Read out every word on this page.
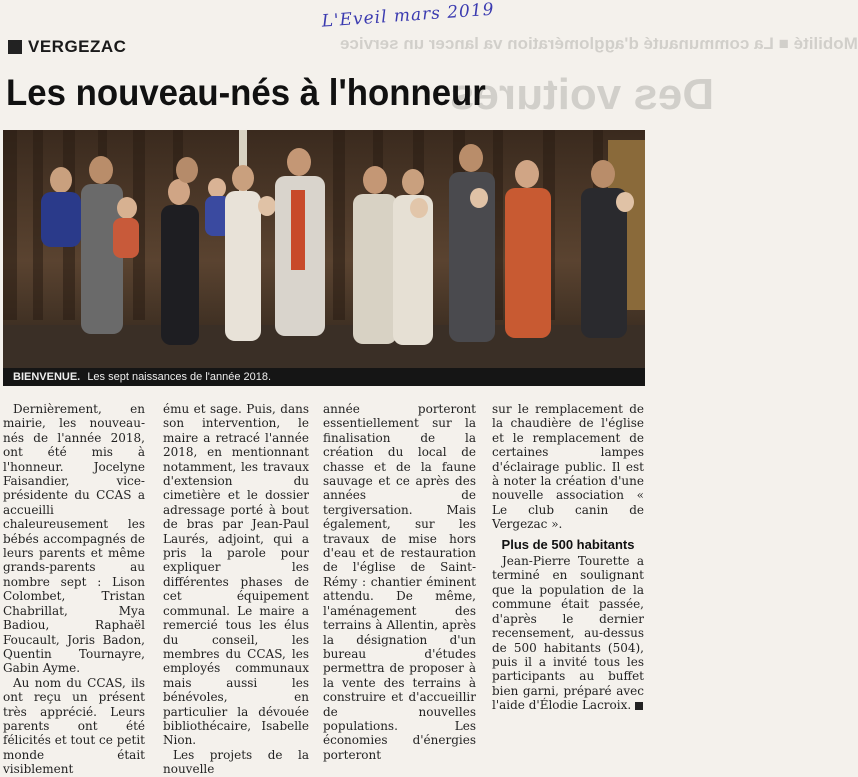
L'Eveil mars 2019
Mobilité ■ La communauté d'agglomération va lancer un service
Des voitures
VERGEZAC
Les nouveau-nés à l'honneur
BIENVENUE. Les sept naissances de l'année 2018.

Dernièrement, en mairie, les nouveau-nés de l'année 2018, ont été mis à l'honneur. Jocelyne Faisandier, vice-présidente du CCAS a accueilli chaleureusement les bébés accompagnés de leurs parents et même grands-parents au nombre sept : Lison Colombet, Tristan Chabrillat, Mya Badiou, Raphaël Foucault, Joris Badon, Quentin Tournayre, Gabin Ayme.

Au nom du CCAS, ils ont reçu un présent très apprécié. Leurs parents ont été félicités et tout ce petit monde était visiblement

ému et sage. Puis, dans son intervention, le maire a retracé l'année 2018, en mentionnant notamment, les travaux d'extension du cimetière et le dossier adressage porté à bout de bras par Jean-Paul Laurés, adjoint, qui a pris la parole pour expliquer les différentes phases de cet équipement communal. Le maire a remercié tous les élus du conseil, les membres du CCAS, les employés communaux mais aussi les bénévoles, en particulier la dévouée bibliothécaire, Isabelle Nion.

Les projets de la nouvelle

année porteront essentiellement sur la finalisation de la création du local de chasse et de la faune sauvage et ce après des années de tergiversation. Mais également, sur les travaux de mise hors d'eau et de restauration de l'église de Saint-Rémy : chantier éminent attendu. De même, l'aménagement des terrains à Allentin, après la désignation d'un bureau d'études permettra de proposer à la vente des terrains à construire et d'accueillir de nouvelles populations. Les économies d'énergies porteront

sur le remplacement de la chaudière de l'église et le remplacement de certaines lampes d'éclairage public. Il est à noter la création d'une nouvelle association « Le club canin de Vergezac ».

Plus de 500 habitants

Jean-Pierre Tourette a terminé en soulignant que la population de la commune était passée, d'après le dernier recensement, au-dessus de 500 habitants (504), puis il a invité tous les participants au buffet bien garni, préparé avec l'aide d'Élodie Lacroix.
